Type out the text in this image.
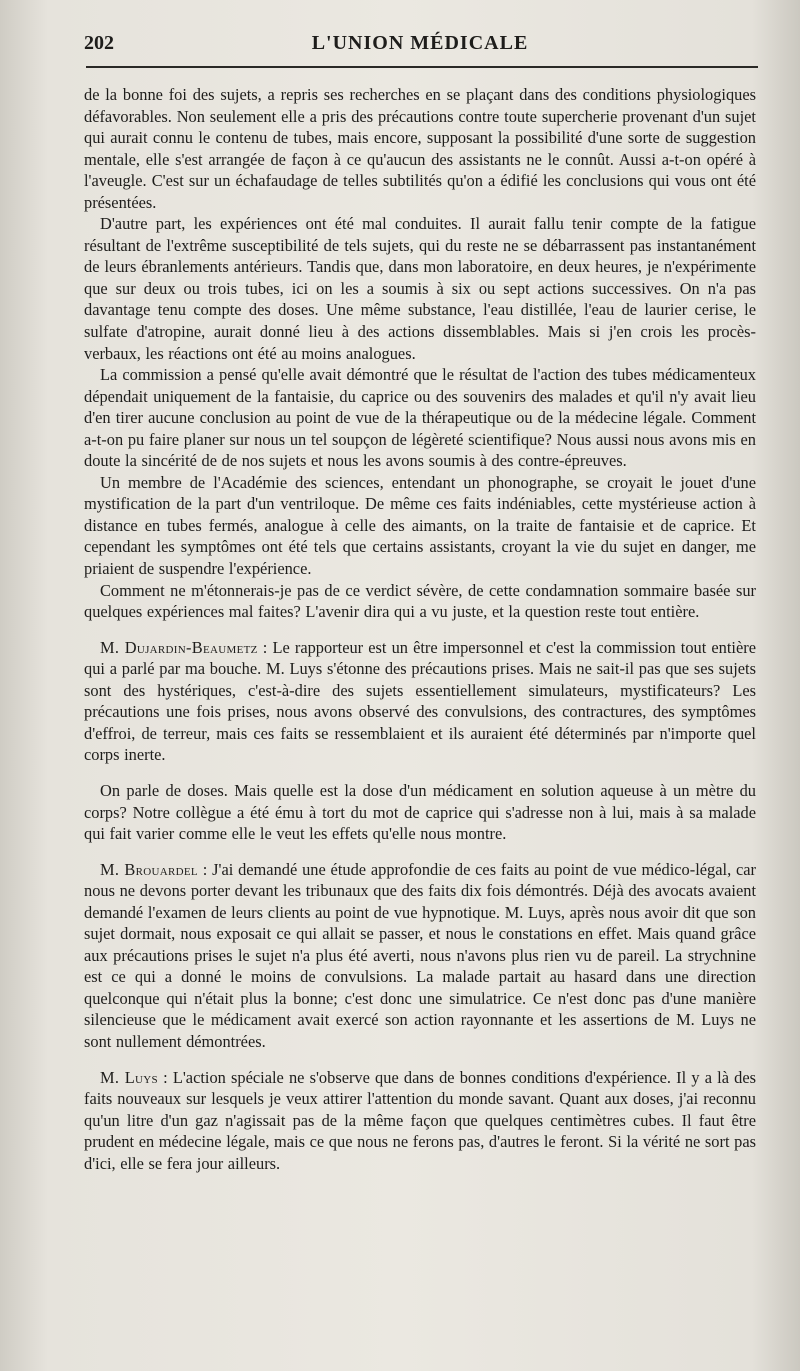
202	L'UNION MÉDICALE

de la bonne foi des sujets, a repris ses recherches en se plaçant dans des conditions physiologiques défavorables. Non seulement elle a pris des précautions contre toute supercherie provenant d'un sujet qui aurait connu le contenu de tubes, mais encore, supposant la possibilité d'une sorte de suggestion mentale, elle s'est arrangée de façon à ce qu'aucun des assistants ne le connût. Aussi a-t-on opéré à l'aveugle. C'est sur un échafaudage de telles subtilités qu'on a édifié les conclusions qui vous ont été présentées.

D'autre part, les expériences ont été mal conduites. Il aurait fallu tenir compte de la fatigue résultant de l'extrême susceptibilité de tels sujets, qui du reste ne se débarrassent pas instantanément de leurs ébranlements antérieurs. Tandis que, dans mon laboratoire, en deux heures, je n'expérimente que sur deux ou trois tubes, ici on les a soumis à six ou sept actions successives. On n'a pas davantage tenu compte des doses. Une même substance, l'eau distillée, l'eau de laurier cerise, le sulfate d'atropine, aurait donné lieu à des actions dissemblables. Mais si j'en crois les procès-verbaux, les réactions ont été au moins analogues.

La commission a pensé qu'elle avait démontré que le résultat de l'action des tubes médicamenteux dépendait uniquement de la fantaisie, du caprice ou des souvenirs des malades et qu'il n'y avait lieu d'en tirer aucune conclusion au point de vue de la thérapeutique ou de la médecine légale. Comment a-t-on pu faire planer sur nous un tel soupçon de légèreté scientifique? Nous aussi nous avons mis en doute la sincérité de de nos sujets et nous les avons soumis à des contre-épreuves.

Un membre de l'Académie des sciences, entendant un phonographe, se croyait le jouet d'une mystification de la part d'un ventriloque. De même ces faits indéniables, cette mystérieuse action à distance en tubes fermés, analogue à celle des aimants, on la traite de fantaisie et de caprice. Et cependant les symptômes ont été tels que certains assistants, croyant la vie du sujet en danger, me priaient de suspendre l'expérience.

Comment ne m'étonnerais-je pas de ce verdict sévère, de cette condamnation sommaire basée sur quelques expériences mal faites? L'avenir dira qui a vu juste, et la question reste tout entière.

M. Dujardin-Beaumetz : Le rapporteur est un être impersonnel et c'est la commission tout entière qui a parlé par ma bouche. M. Luys s'étonne des précautions prises. Mais ne sait-il pas que ses sujets sont des hystériques, c'est-à-dire des sujets essentiellement simulateurs, mystificateurs? Les précautions une fois prises, nous avons observé des convulsions, des contractures, des symptômes d'effroi, de terreur, mais ces faits se ressemblaient et ils auraient été déterminés par n'importe quel corps inerte.

On parle de doses. Mais quelle est la dose d'un médicament en solution aqueuse à un mètre du corps? Notre collègue a été ému à tort du mot de caprice qui s'adresse non à lui, mais à sa malade qui fait varier comme elle le veut les effets qu'elle nous montre.

M. Brouardel : J'ai demandé une étude approfondie de ces faits au point de vue médico-légal, car nous ne devons porter devant les tribunaux que des faits dix fois démontrés. Déjà des avocats avaient demandé l'examen de leurs clients au point de vue hypnotique. M. Luys, après nous avoir dit que son sujet dormait, nous exposait ce qui allait se passer, et nous le constations en effet. Mais quand grâce aux précautions prises le sujet n'a plus été averti, nous n'avons plus rien vu de pareil. La strychnine est ce qui a donné le moins de convulsions. La malade partait au hasard dans une direction quelconque qui n'était plus la bonne; c'est donc une simulatrice. Ce n'est donc pas d'une manière silencieuse que le médicament avait exercé son action rayonnante et les assertions de M. Luys ne sont nullement démontrées.

M. Luys : L'action spéciale ne s'observe que dans de bonnes conditions d'expérience. Il y a là des faits nouveaux sur lesquels je veux attirer l'attention du monde savant. Quant aux doses, j'ai reconnu qu'un litre d'un gaz n'agissait pas de la même façon que quelques centimètres cubes. Il faut être prudent en médecine légale, mais ce que nous ne ferons pas, d'autres le feront. Si la vérité ne sort pas d'ici, elle se fera jour ailleurs.
